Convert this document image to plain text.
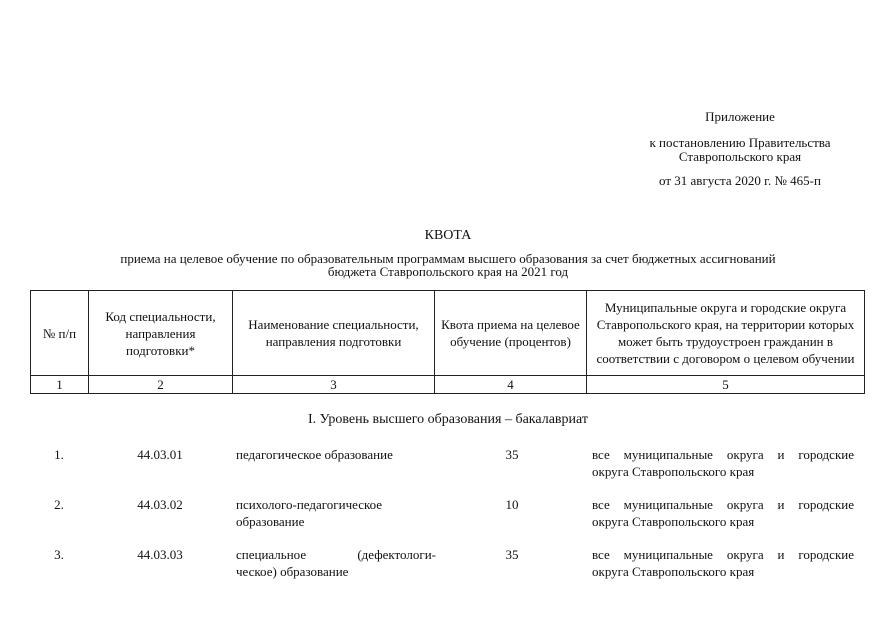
Приложение
к постановлению Правительства
Ставропольского края
от 31 августа 2020 г. № 465-п
КВОТА
приема на целевое обучение по образовательным программам высшего образования за счет бюджетных ассигнований
бюджета Ставропольского края на 2021 год
№ п/п	Код специальности, направления подготовки*	Наименование специальности, направления подготовки	Квота приема на целевое обучение (процентов)	Муниципальные округа и городские округа Ставропольского края, на территории которых может быть трудоустроен гражданин в соответствии с договором о целевом обучении
1	2	3	4	5
I. Уровень высшего образования – бакалавриат
1.	44.03.01	педагогическое образование	35	все муниципальные округа и городские
округа Ставропольского края
2.	44.03.02	психолого-педагогическое
образование
10	все муниципальные округа и городские
округа Ставропольского края
3.	44.03.03	специальное (дефектологи-
ческое) образование
35	все муниципальные округа и городские
округа Ставропольского края
